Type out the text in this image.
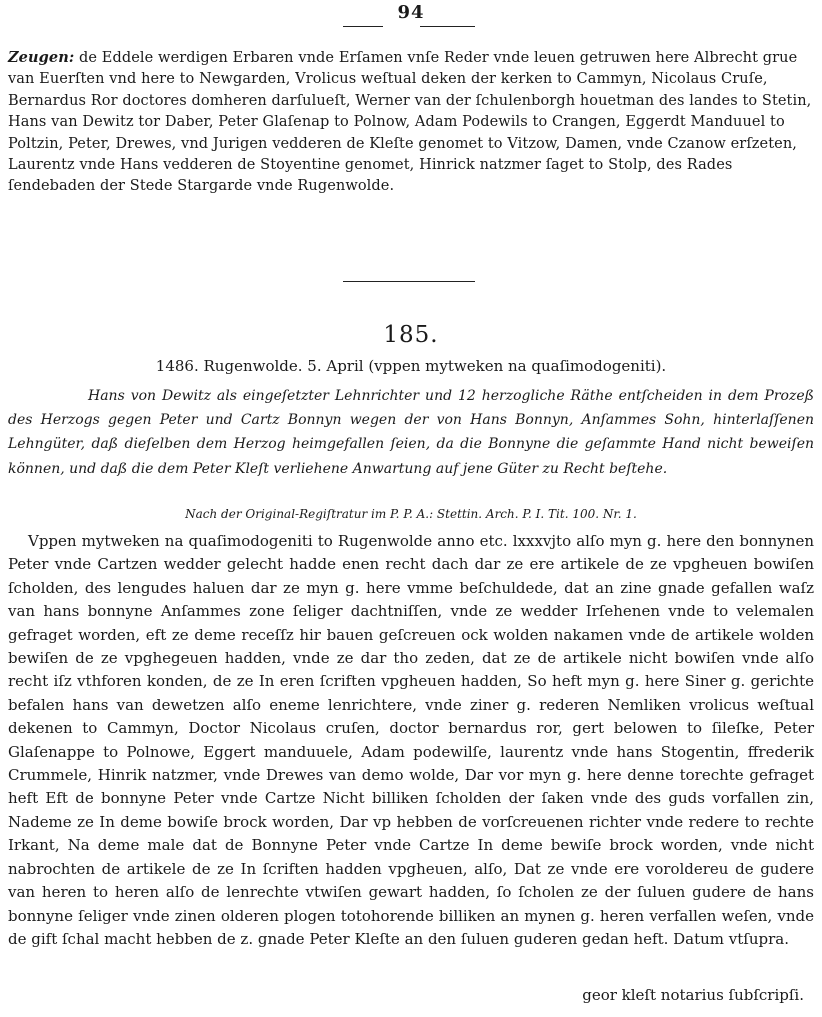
94
Zeugen: de Eddele werdigen Erbaren vnde Erſamen vnſe Reder vnde leuen getruwen here Albrecht grue van Euerſten vnd here to Newgarden, Vrolicus weſtual deken der kerken to Cammyn, Nicolaus Cruſe, Bernardus Ror doctores domheren darſulueſt, Werner van der ſchulenborgh houetman des landes to Stetin, Hans van Dewitz tor Daber, Peter Glaſenap to Polnow, Adam Podewils to Crangen, Eggerdt Manduuel to Poltzin, Peter, Drewes, vnd Jurigen vedderen de Kleſte genomet to Vitzow, Damen, vnde Czanow erſzeten, Laurentz vnde Hans vedderen de Stoyentine genomet, Hinrick natzmer ſaget to Stolp, des Rades ſendebaden der Stede Stargarde vnde Rugenwolde.
185.
1486. Rugenwolde. 5. April (vppen mytweken na quaſimodogeniti).
Hans von Dewitz als eingeſetzter Lehnrichter und 12 herzogliche Räthe entſcheiden in dem Prozeß des Herzogs gegen Peter und Cartz Bonnyn wegen der von Hans Bonnyn, Anſammes Sohn, hinterlaſſenen Lehngüter, daß dieſelben dem Herzog heimgefallen ſeien, da die Bonnyne die geſammte Hand nicht beweiſen können, und daß die dem Peter Kleſt verliehene Anwartung auf jene Güter zu Recht beſtehe.
Nach der Original-Regiſtratur im P. P. A.: Stettin. Arch. P. I. Tit. 100. Nr. 1.
Vppen mytweken na quaſimodogeniti to Rugenwolde anno etc. lxxxvjto alſo myn g. here den bonnynen Peter vnde Cartzen wedder gelecht hadde enen recht dach dar ze ere artikele de ze vpgheuen bowiſen ſcholden, des lengudes haluen dar ze myn g. here vmme beſchuldede, dat an zine gnade gefallen waſz van hans bonnyne Anſammes zone ſeliger dachtniſſen, vnde ze wedder Irſehenen vnde to velemalen gefraget worden, eft ze deme receſſz hir bauen geſcreuen ock wolden nakamen vnde de artikele wolden bewiſen de ze vpghegeuen hadden, vnde ze dar tho zeden, dat ze de artikele nicht bowiſen vnde alſo recht iſz vthforen konden, de ze In eren ſcriften vpgheuen hadden, So heft myn g. here Siner g. gerichte befalen hans van dewetzen alſo eneme lenrichtere, vnde ziner g. rederen Nemliken vrolicus weſtual dekenen to Cammyn, Doctor Nicolaus cruſen, doctor bernardus ror, gert belowen to ſileſke, Peter Glaſenappe to Polnowe, Eggert manduuele, Adam podewilſe, laurentz vnde hans Stogentin, ffrederik Crummele, Hinrik natzmer, vnde Drewes van demo wolde, Dar vor myn g. here denne torechte gefraget heft Eft de bonnyne Peter vnde Cartze Nicht billiken ſcholden der ſaken vnde des guds vorfallen zin, Nademe ze In deme bowiſe brock worden, Dar vp hebben de vorſcreuenen richter vnde redere to rechte Irkant, Na deme male dat de Bonnyne Peter vnde Cartze In deme bewiſe brock worden, vnde nicht nabrochten de artikele de ze In ſcriften hadden vpgheuen, alſo, Dat ze vnde ere voroldereu de gudere van heren to heren alſo de lenrechte vtwiſen gewart hadden, ſo ſcholen ze der ſuluen gudere de hans bonnyne ſeliger vnde zinen olderen plogen totohorende billiken an mynen g. heren verfallen weſen, vnde de gift ſchal macht hebben de z. gnade Peter Kleſte an den ſuluen guderen gedan heft. Datum vtſupra.
geor kleſt notarius ſubſcripſi.
